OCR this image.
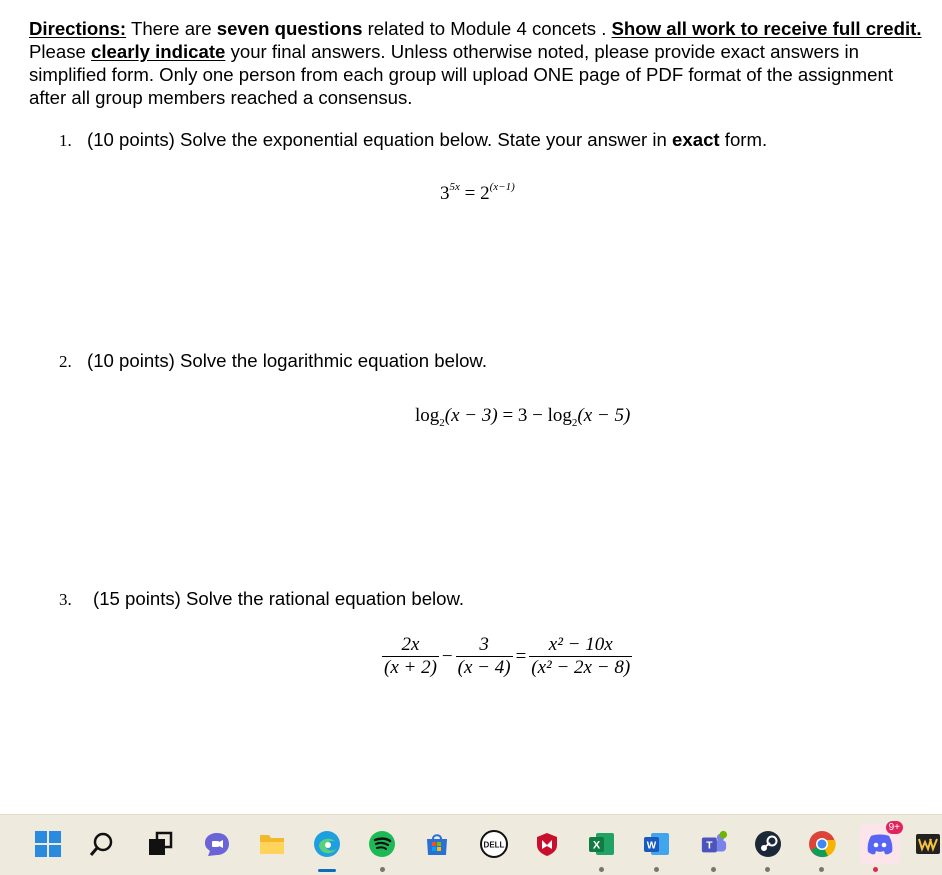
Directions: There are seven questions related to Module 4 concets . Show all work to receive full credit. Please clearly indicate your final answers. Unless otherwise noted, please provide exact answers in simplified form. Only one person from each group will upload ONE page of PDF format of the assignment after all group members reached a consensus.
1. (10 points) Solve the exponential equation below. State your answer in exact form.
$3^{5x} = 2^{(x-1)}$
2. (10 points) Solve the logarithmic equation below.
$\log_2(x - 3) = 3 - \log_2(x - 5)$
3. (15 points) Solve the rational equation below.
$\frac{2x}{(x + 2)} - \frac{3}{(x - 4)} = \frac{\text{x² − 10x}}{\text{(x² − 2x − 8)}}$
DELL	X	W	T
9+
